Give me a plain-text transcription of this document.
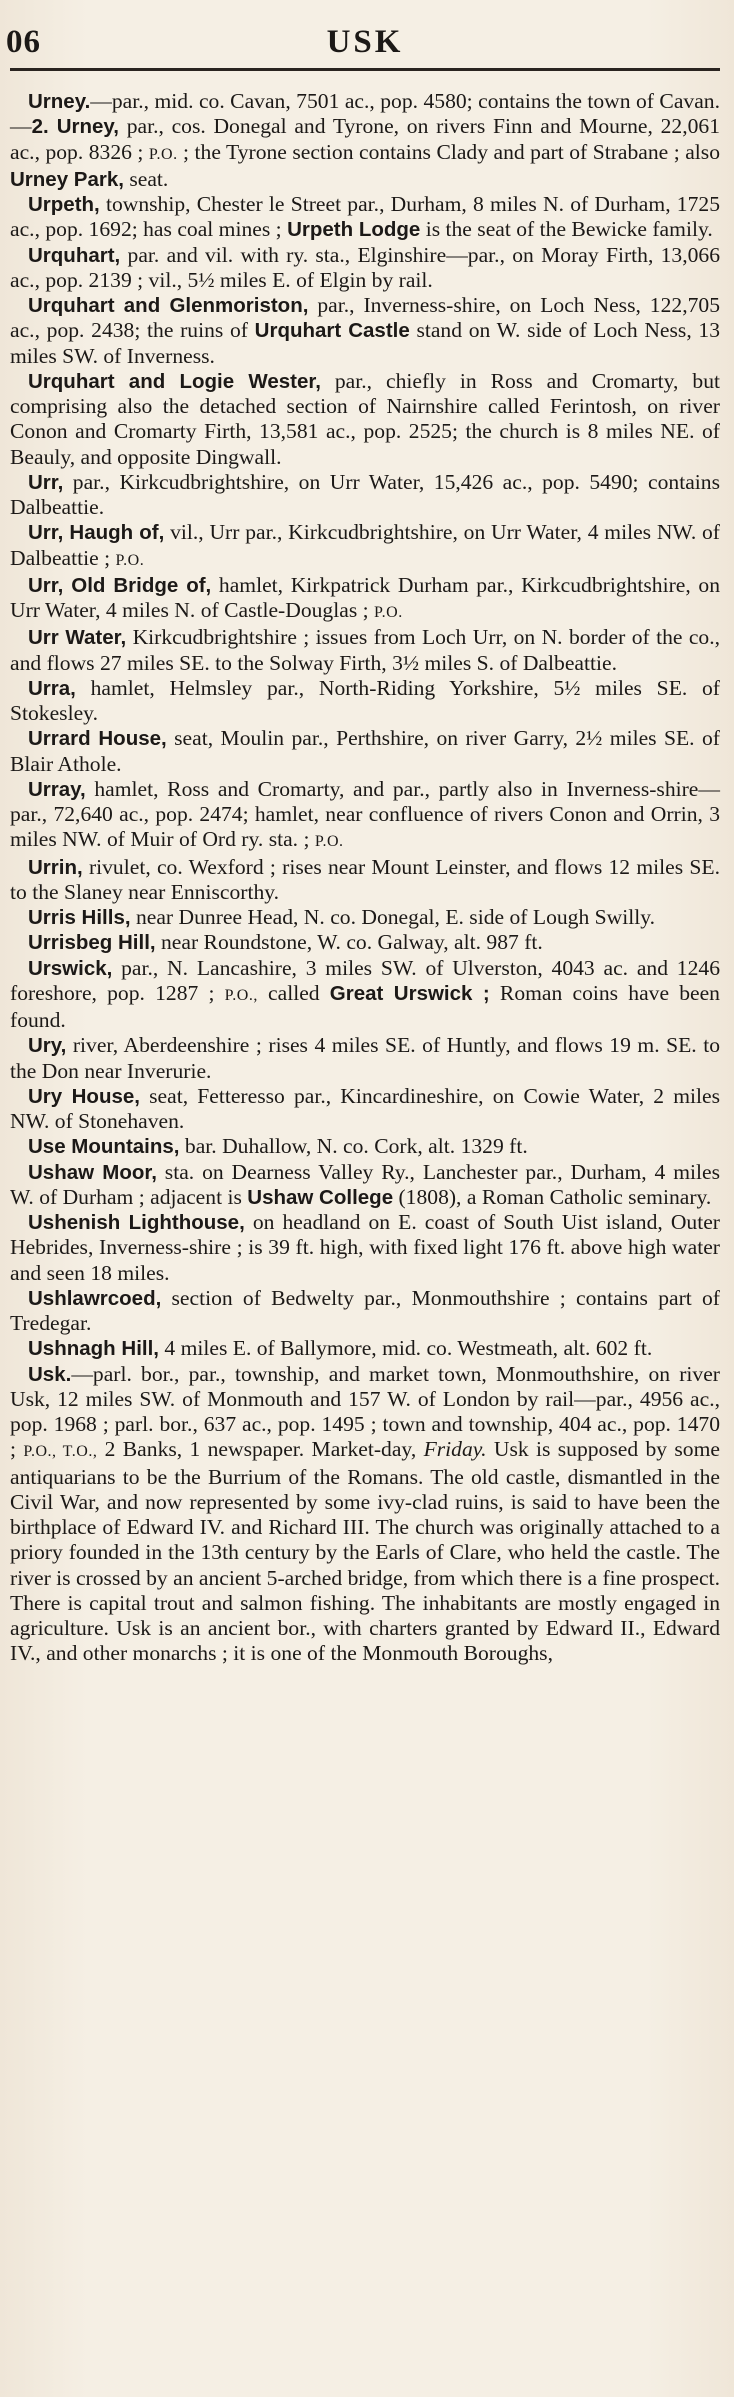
06	USK

Urney.—par., mid. co. Cavan, 7501 ac., pop. 4580; contains the town of Cavan.—2. Urney, par., cos. Donegal and Tyrone, on rivers Finn and Mourne, 22,061 ac., pop. 8326 ; P.O. ; the Tyrone section contains Clady and part of Strabane ; also Urney Park, seat.

Urpeth, township, Chester le Street par., Durham, 8 miles N. of Durham, 1725 ac., pop. 1692; has coal mines ; Urpeth Lodge is the seat of the Bewicke family.

Urquhart, par. and vil. with ry. sta., Elginshire—par., on Moray Firth, 13,066 ac., pop. 2139 ; vil., 5½ miles E. of Elgin by rail.

Urquhart and Glenmoriston, par., Inverness-shire, on Loch Ness, 122,705 ac., pop. 2438; the ruins of Urquhart Castle stand on W. side of Loch Ness, 13 miles SW. of Inverness.

Urquhart and Logie Wester, par., chiefly in Ross and Cromarty, but comprising also the detached section of Nairnshire called Ferintosh, on river Conon and Cromarty Firth, 13,581 ac., pop. 2525; the church is 8 miles NE. of Beauly, and opposite Dingwall.

Urr, par., Kirkcudbrightshire, on Urr Water, 15,426 ac., pop. 5490; contains Dalbeattie.

Urr, Haugh of, vil., Urr par., Kirkcudbrightshire, on Urr Water, 4 miles NW. of Dalbeattie ; P.O.

Urr, Old Bridge of, hamlet, Kirkpatrick Durham par., Kirkcudbrightshire, on Urr Water, 4 miles N. of Castle-Douglas ; P.O.

Urr Water, Kirkcudbrightshire ; issues from Loch Urr, on N. border of the co., and flows 27 miles SE. to the Solway Firth, 3½ miles S. of Dalbeattie.

Urra, hamlet, Helmsley par., North-Riding Yorkshire, 5½ miles SE. of Stokesley.

Urrard House, seat, Moulin par., Perthshire, on river Garry, 2½ miles SE. of Blair Athole.

Urray, hamlet, Ross and Cromarty, and par., partly also in Inverness-shire—par., 72,640 ac., pop. 2474; hamlet, near confluence of rivers Conon and Orrin, 3 miles NW. of Muir of Ord ry. sta. ; P.O.

Urrin, rivulet, co. Wexford ; rises near Mount Leinster, and flows 12 miles SE. to the Slaney near Enniscorthy.

Urris Hills, near Dunree Head, N. co. Donegal, E. side of Lough Swilly.

Urrisbeg Hill, near Roundstone, W. co. Galway, alt. 987 ft.

Urswick, par., N. Lancashire, 3 miles SW. of Ulverston, 4043 ac. and 1246 foreshore, pop. 1287 ; P.O., called Great Urswick ; Roman coins have been found.

Ury, river, Aberdeenshire ; rises 4 miles SE. of Huntly, and flows 19 m. SE. to the Don near Inverurie.

Ury House, seat, Fetteresso par., Kincardineshire, on Cowie Water, 2 miles NW. of Stonehaven.

Use Mountains, bar. Duhallow, N. co. Cork, alt. 1329 ft.

Ushaw Moor, sta. on Dearness Valley Ry., Lanchester par., Durham, 4 miles W. of Durham ; adjacent is Ushaw College (1808), a Roman Catholic seminary.

Ushenish Lighthouse, on headland on E. coast of South Uist island, Outer Hebrides, Inverness-shire ; is 39 ft. high, with fixed light 176 ft. above high water and seen 18 miles.

Ushlawrcoed, section of Bedwelty par., Monmouthshire ; contains part of Tredegar.

Ushnagh Hill, 4 miles E. of Ballymore, mid. co. Westmeath, alt. 602 ft.

Usk.—parl. bor., par., township, and market town, Monmouthshire, on river Usk, 12 miles SW. of Monmouth and 157 W. of London by rail—par., 4956 ac., pop. 1968 ; parl. bor., 637 ac., pop. 1495 ; town and township, 404 ac., pop. 1470 ; P.O., T.O., 2 Banks, 1 newspaper. Market-day, Friday. Usk is supposed by some antiquarians to be the Burrium of the Romans. The old castle, dismantled in the Civil War, and now represented by some ivy-clad ruins, is said to have been the birthplace of Edward IV. and Richard III. The church was originally attached to a priory founded in the 13th century by the Earls of Clare, who held the castle. The river is crossed by an ancient 5-arched bridge, from which there is a fine prospect. There is capital trout and salmon fishing. The inhabitants are mostly engaged in agriculture. Usk is an ancient bor., with charters granted by Edward II., Edward IV., and other monarchs ; it is one of the Monmouth Boroughs,
